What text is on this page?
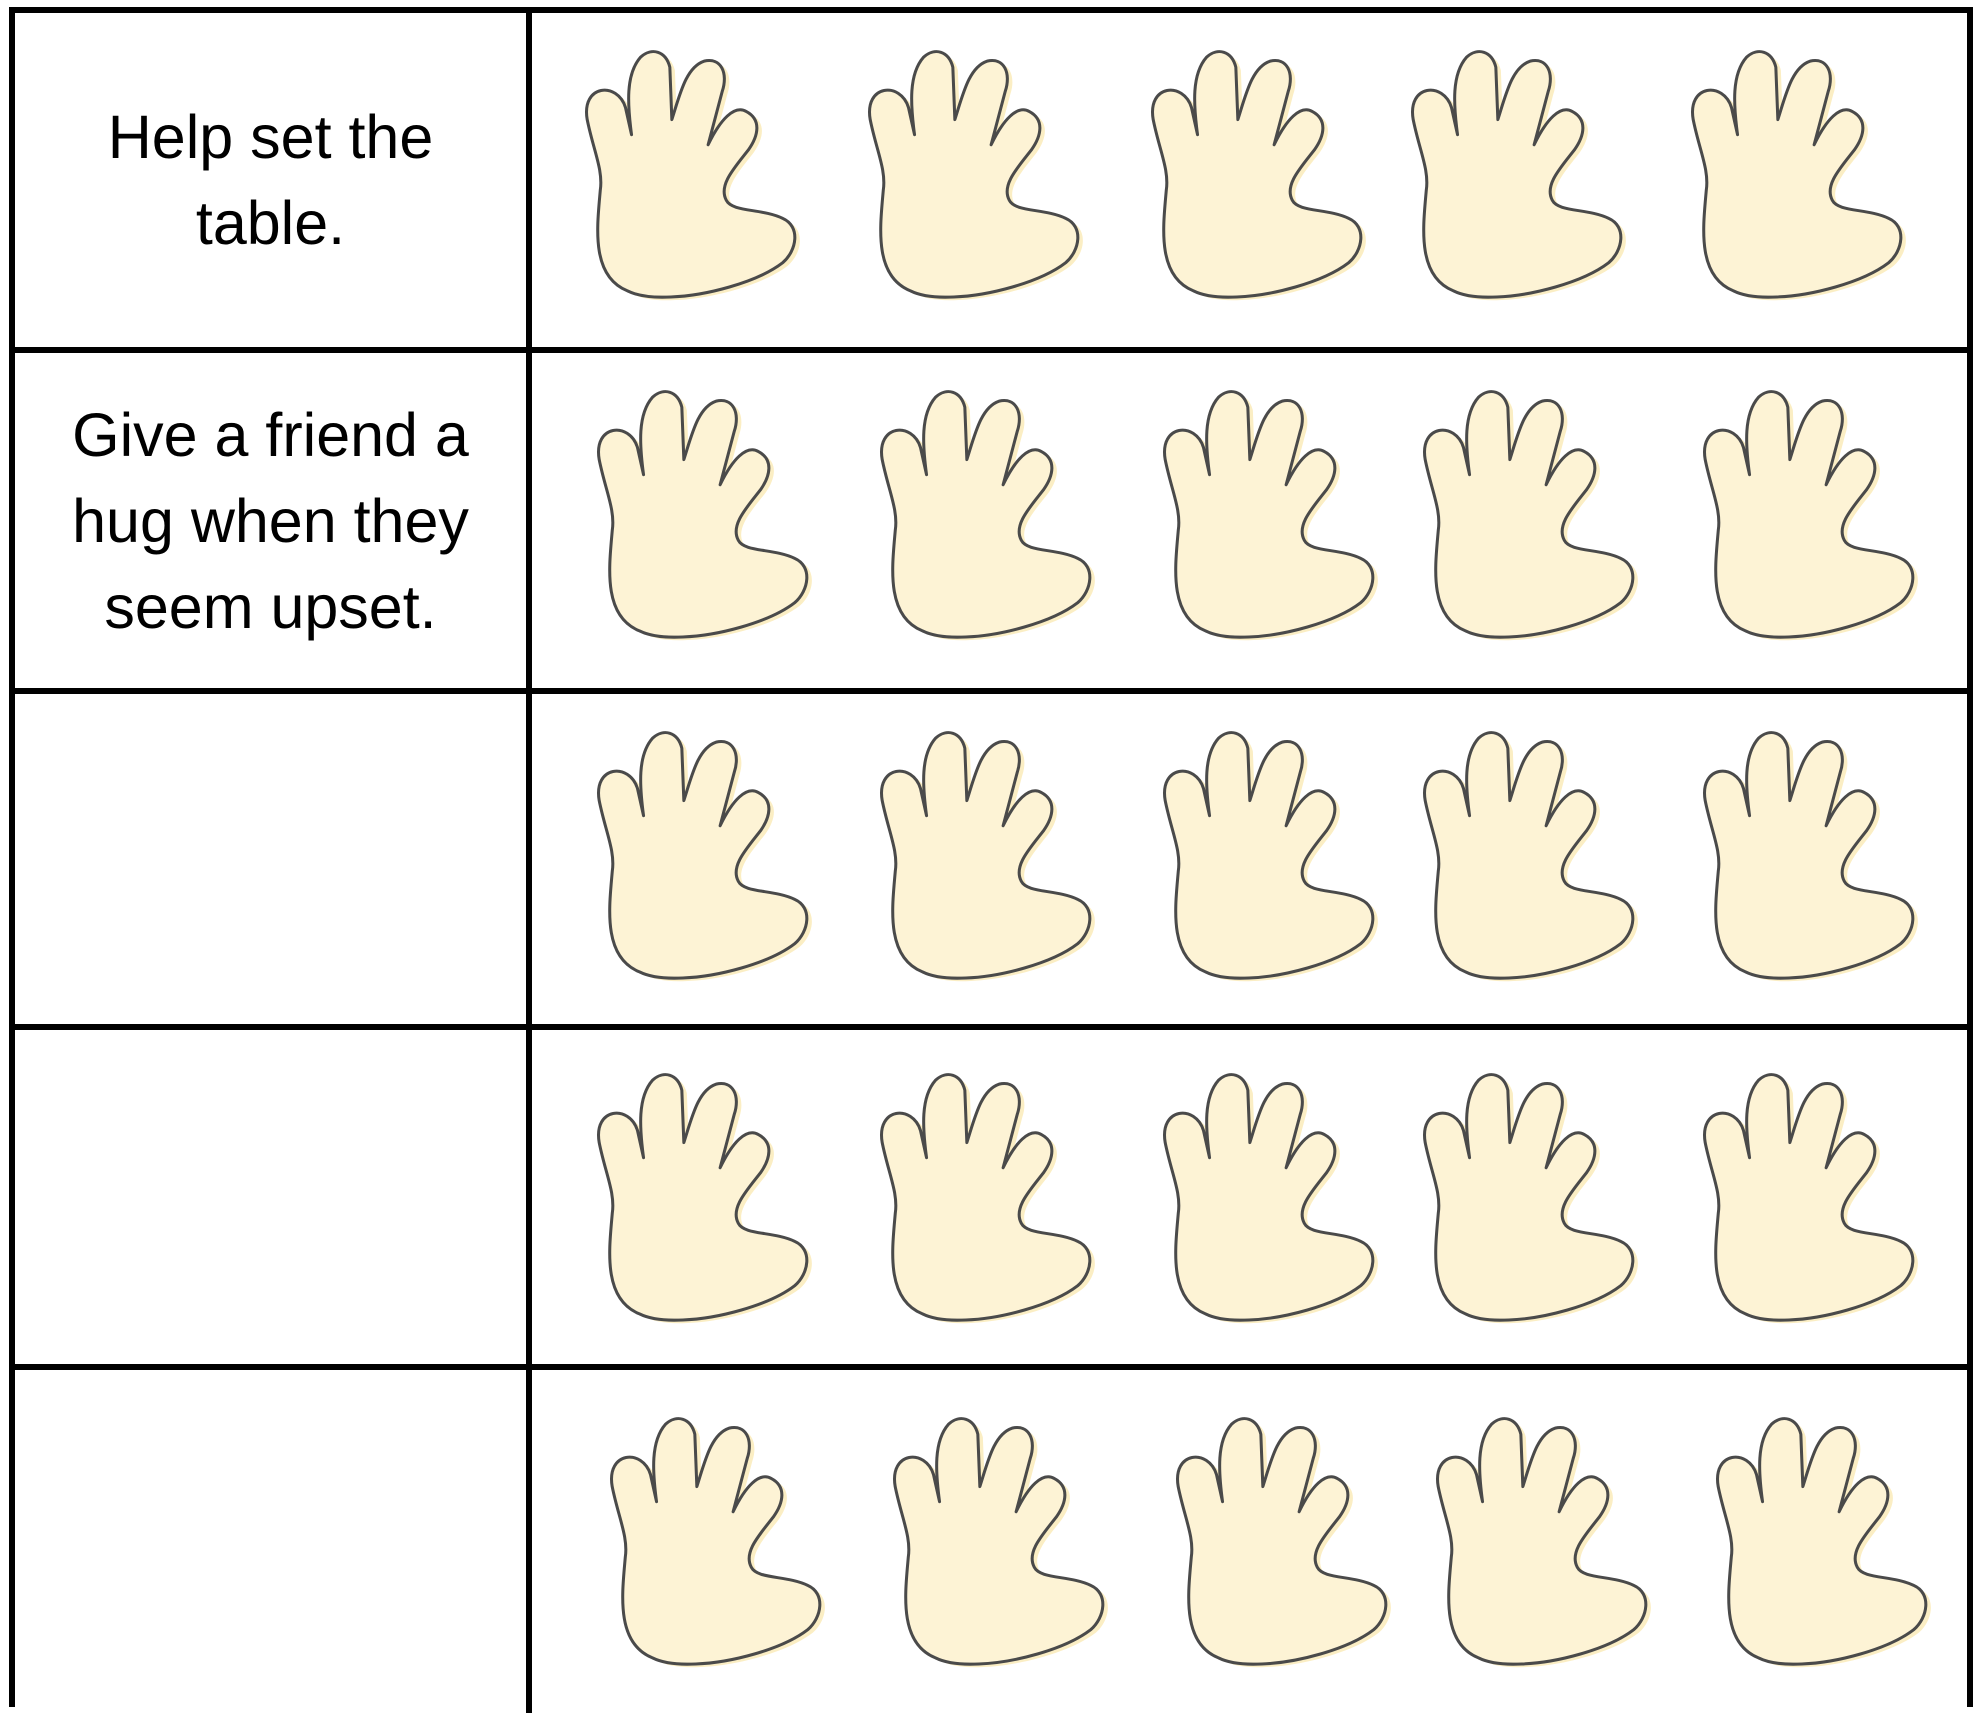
Help set the
table.
Give a friend a
hug when they
seem upset.
